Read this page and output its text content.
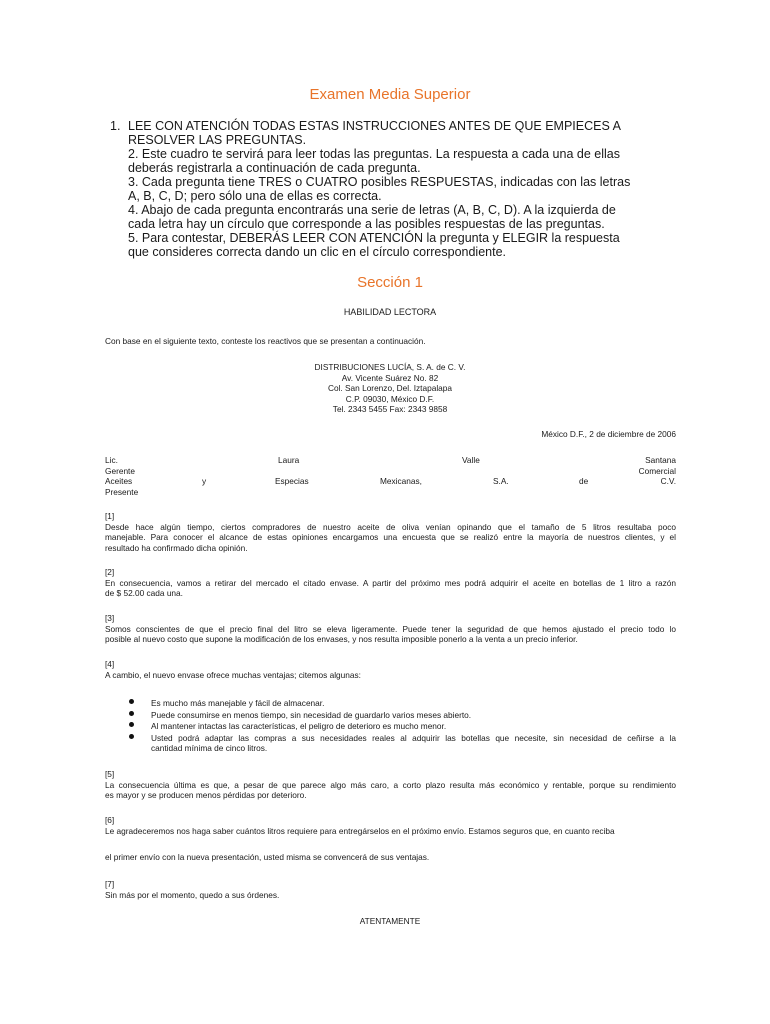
Examen Media Superior
1. LEE CON ATENCIÓN TODAS ESTAS INSTRUCCIONES ANTES DE QUE EMPIECES A
RESOLVER LAS PREGUNTAS.
2. Este cuadro te servirá para leer todas las preguntas. La respuesta a cada una de ellas
deberás registrarla a continuación de cada pregunta.
3. Cada pregunta tiene TRES o CUATRO posibles RESPUESTAS, indicadas con las letras
A, B, C, D; pero sólo una de ellas es correcta.
4. Abajo de cada pregunta encontrarás una serie de letras (A, B, C, D). A la izquierda de
cada letra hay un círculo que corresponde a las posibles respuestas de las preguntas.
5. Para contestar, DEBERÁS LEER CON ATENCIÓN la pregunta y ELEGIR la respuesta
que consideres correcta dando un clic en el círculo correspondiente.
Sección 1
HABILIDAD LECTORA
Con base en el siguiente texto, conteste los reactivos que se presentan a continuación.
DISTRIBUCIONES LUCÍA, S. A. de C. V.
Av. Vicente Suárez No. 82
Col. San Lorenzo, Del. Iztapalapa
C.P. 09030, México D.F.
Tel. 2343 5455 Fax: 2343 9858
México D.F., 2 de diciembre de 2006
Lic.	Laura	Valle	Santana
Gerente	Comercial
Aceites	y	Especias	Mexicanas,	S.A.	de	C.V.
Presente
[1]
Desde hace algún tiempo, ciertos compradores de nuestro aceite de oliva venían opinando que el tamaño de 5 litros resultaba poco
manejable. Para conocer el alcance de estas opiniones encargamos una encuesta que se realizó entre la mayoría de nuestros clientes, y el
resultado ha confirmado dicha opinión.
[2]
En consecuencia, vamos a retirar del mercado el citado envase. A partir del próximo mes podrá adquirir el aceite en botellas de 1 litro a razón
de $ 52.00 cada una.
[3]
Somos conscientes de que el precio final del litro se eleva ligeramente. Puede tener la seguridad de que hemos ajustado el precio todo lo
posible al nuevo costo que supone la modificación de los envases, y nos resulta imposible ponerlo a la venta a un precio inferior.
[4]
A cambio, el nuevo envase ofrece muchas ventajas; citemos algunas:
Es mucho más manejable y fácil de almacenar.
Puede consumirse en menos tiempo, sin necesidad de guardarlo varios meses abierto.
Al mantener intactas las características, el peligro de deterioro es mucho menor.
Usted podrá adaptar las compras a sus necesidades reales al adquirir las botellas que necesite, sin necesidad de ceñirse a la
cantidad mínima de cinco litros.
[5]
La consecuencia última es que, a pesar de que parece algo más caro, a corto plazo resulta más económico y rentable, porque su rendimiento
es mayor y se producen menos pérdidas por deterioro.
[6]
Le agradeceremos nos haga saber cuántos litros requiere para entregárselos en el próximo envío. Estamos seguros que, en cuanto reciba
el primer envío con la nueva presentación, usted misma se convencerá de sus ventajas.
[7]
Sin más por el momento, quedo a sus órdenes.
ATENTAMENTE
